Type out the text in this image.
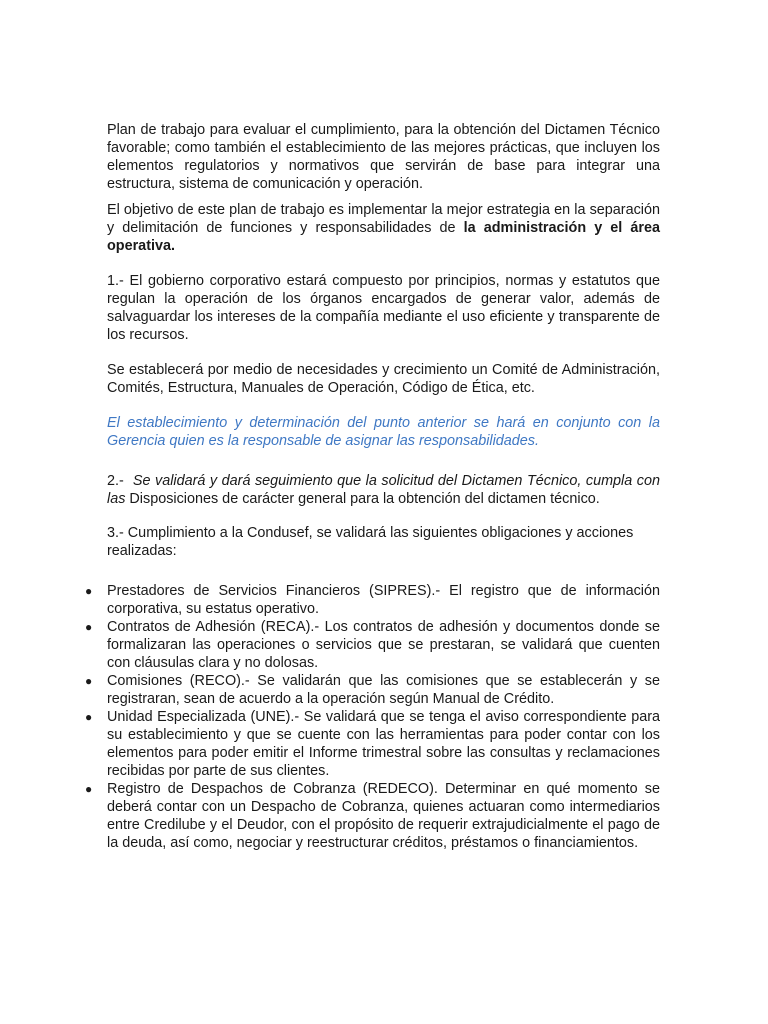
Plan de trabajo para evaluar el cumplimiento, para la obtención del Dictamen Técnico favorable; como también el establecimiento de las mejores prácticas, que incluyen los elementos regulatorios y normativos que servirán de base para integrar una estructura, sistema de comunicación y operación.

El objetivo de este plan de trabajo es implementar la mejor estrategia en la separación y delimitación de funciones y responsabilidades de la administración y el área operativa.

1.- El gobierno corporativo estará compuesto por principios, normas y estatutos que regulan la operación de los órganos encargados de generar valor, además de salvaguardar los intereses de la compañía mediante el uso eficiente y transparente de los recursos.

Se establecerá por medio de necesidades y crecimiento un Comité de Administración, Comités, Estructura, Manuales de Operación, Código de Ética, etc.

El establecimiento y determinación del punto anterior se hará en conjunto con la Gerencia quien es la responsable de asignar las responsabilidades.

2.-  Se validará y dará seguimiento que la solicitud del Dictamen Técnico, cumpla con las Disposiciones de carácter general para la obtención del dictamen técnico.

3.- Cumplimiento a la Condusef, se validará las siguientes obligaciones y acciones realizadas:

● Prestadores de Servicios Financieros (SIPRES).- El registro que de información corporativa, su estatus operativo.
● Contratos de Adhesión (RECA).- Los contratos de adhesión y documentos donde se formalizaran las operaciones o servicios que se prestaran, se validará que cuenten con cláusulas clara y no dolosas.
● Comisiones (RECO).- Se validarán que las comisiones que se establecerán y se registraran, sean de acuerdo a la operación según Manual de Crédito.
● Unidad Especializada (UNE).- Se validará que se tenga el aviso correspondiente para su establecimiento y que se cuente con las herramientas para poder contar con los elementos para poder emitir el Informe trimestral sobre las consultas y reclamaciones recibidas por parte de sus clientes.
● Registro de Despachos de Cobranza (REDECO). Determinar en qué momento se deberá contar con un Despacho de Cobranza, quienes actuaran como intermediarios entre Credilube y el Deudor, con el propósito de requerir extrajudicialmente el pago de la deuda, así como, negociar y reestructurar créditos, préstamos o financiamientos.
